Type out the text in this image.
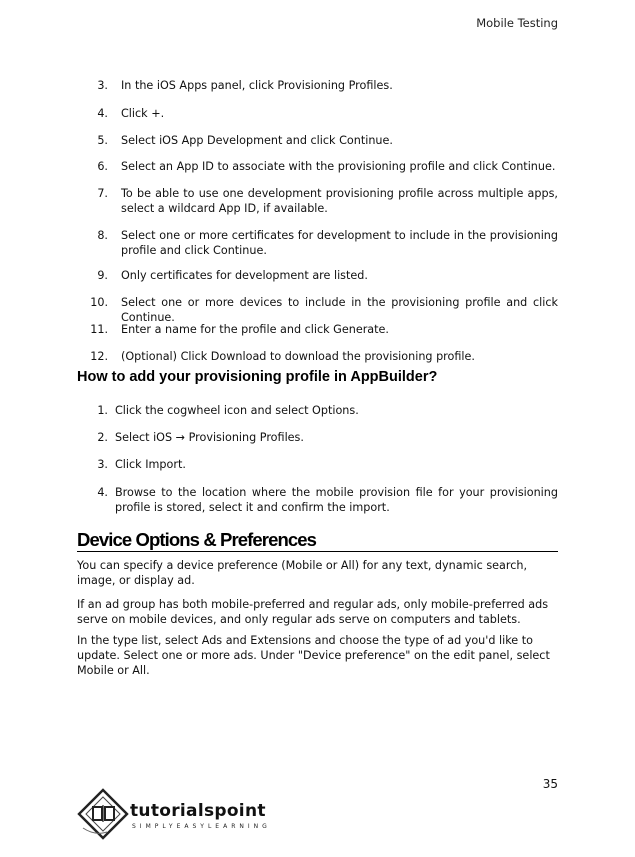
Mobile Testing
3. In the iOS Apps panel, click Provisioning Profiles.
4. Click +.
5. Select iOS App Development and click Continue.
6. Select an App ID to associate with the provisioning profile and click Continue.
7. To be able to use one development provisioning profile across multiple apps, select a wildcard App ID, if available.
8. Select one or more certificates for development to include in the provisioning profile and click Continue.
9. Only certificates for development are listed.
10. Select one or more devices to include in the provisioning profile and click Continue.
11. Enter a name for the profile and click Generate.
12. (Optional) Click Download to download the provisioning profile.
How to add your provisioning profile in AppBuilder?
1. Click the cogwheel icon and select Options.
2. Select iOS → Provisioning Profiles.
3. Click Import.
4. Browse to the location where the mobile provision file for your provisioning profile is stored, select it and confirm the import.
Device Options & Preferences

You can specify a device preference (Mobile or All) for any text, dynamic search, image, or display ad.

If an ad group has both mobile-preferred and regular ads, only mobile-preferred ads serve on mobile devices, and only regular ads serve on computers and tablets.

In the type list, select Ads and Extensions and choose the type of ad you'd like to update. Select one or more ads. Under "Device preference" on the edit panel, select Mobile or All.

35
tutorialspoint
SIMPLYEASYLEARNING
